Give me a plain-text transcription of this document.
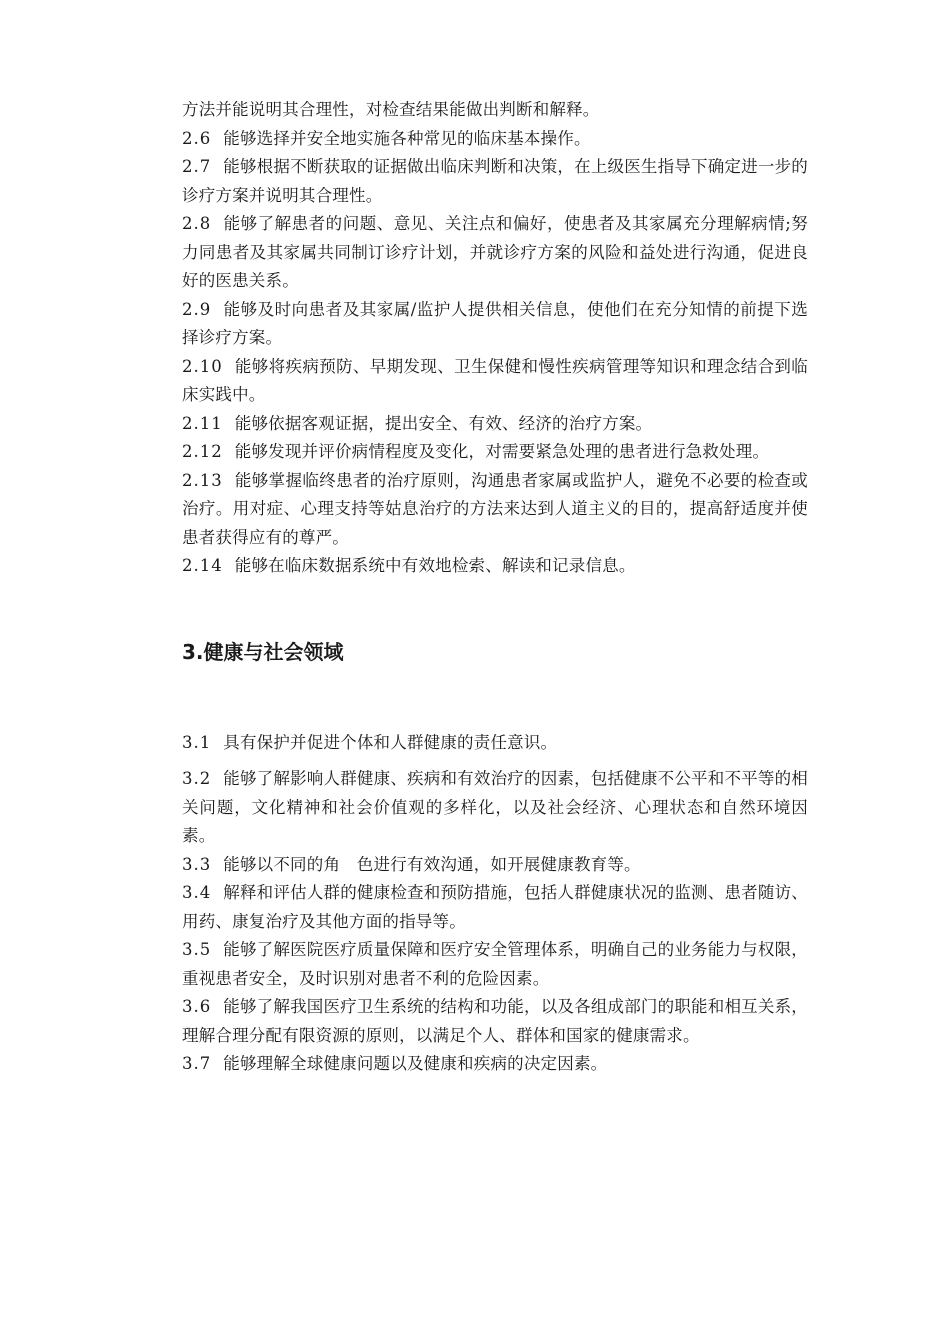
方法并能说明其合理性，对检查结果能做出判断和解释。

2.6 能够选择并安全地实施各种常见的临床基本操作。

2.7 能够根据不断获取的证据做出临床判断和决策，在上级医生指导下确定进一步的诊疗方案并说明其合理性。

2.8 能够了解患者的问题、意见、关注点和偏好，使患者及其家属充分理解病情;努力同患者及其家属共同制订诊疗计划，并就诊疗方案的风险和益处进行沟通，促进良好的医患关系。

2.9 能够及时向患者及其家属/监护人提供相关信息，使他们在充分知情的前提下选择诊疗方案。

2.10 能够将疾病预防、早期发现、卫生保健和慢性疾病管理等知识和理念结合到临床实践中。

2.11 能够依据客观证据，提出安全、有效、经济的治疗方案。

2.12 能够发现并评价病情程度及变化，对需要紧急处理的患者进行急救处理。

2.13 能够掌握临终患者的治疗原则，沟通患者家属或监护人，避免不必要的检查或治疗。用对症、心理支持等姑息治疗的方法来达到人道主义的目的，提高舒适度并使患者获得应有的尊严。

2.14 能够在临床数据系统中有效地检索、解读和记录信息。

3.健康与社会领域

3.1 具有保护并促进个体和人群健康的责任意识。

3.2 能够了解影响人群健康、疾病和有效治疗的因素，包括健康不公平和不平等的相关问题，文化精神和社会价值观的多样化，以及社会经济、心理状态和自然环境因素。

3.3 能够以不同的角　色进行有效沟通，如开展健康教育等。

3.4 解释和评估人群的健康检查和预防措施，包括人群健康状况的监测、患者随访、用药、康复治疗及其他方面的指导等。

3.5 能够了解医院医疗质量保障和医疗安全管理体系，明确自己的业务能力与权限，重视患者安全，及时识别对患者不利的危险因素。

3.6 能够了解我国医疗卫生系统的结构和功能，以及各组成部门的职能和相互关系，理解合理分配有限资源的原则，以满足个人、群体和国家的健康需求。

3.7 能够理解全球健康问题以及健康和疾病的决定因素。
